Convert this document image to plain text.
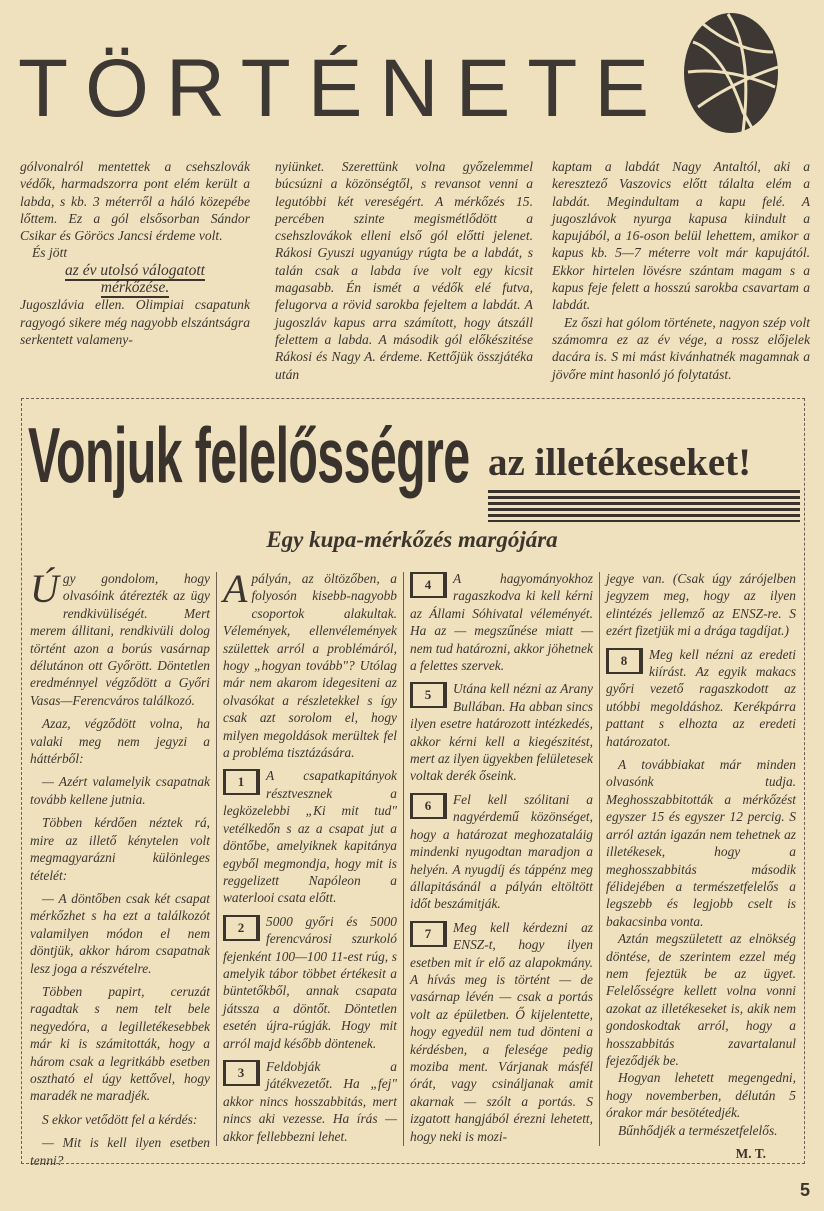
TÖRTÉNETE

gólvonalról mentettek a csehszlovák védők, harmadszorra pont elém került a labda, s kb. 3 méterről a háló közepébe lőttem. Ez a gól elsősorban Sándor Csikar és Göröcs Jancsi érdeme volt.

És jött

az év utolsó válogatott

mérkőzése.

Jugoszlávia ellen. Olimpiai csapatunk ragyogó sikere még nagyobb elszántságra serkentett valameny-

nyiünket. Szerettünk volna győzelemmel búcsúzni a közönségtől, s revansot venni a legutóbbi két vereségért. A mérkőzés 15. percében szinte megismétlődött a csehszlovákok elleni első gól előtti jelenet. Rákosi Gyuszi ugyanúgy rúgta be a labdát, s talán csak a labda íve volt egy kicsit magasabb. Én ismét a védők elé futva, felugorva a rövid sarokba fejeltem a labdát. A jugoszláv kapus arra számított, hogy átszáll felettem a labda. A második gól előkészitése Rákosi és Nagy A. érdeme. Kettőjük összjátéka után

kaptam a labdát Nagy Antaltól, aki a keresztező Vaszovics előtt tálalta elém a labdát. Megindultam a kapu felé. A jugoszlávok nyurga kapusa kiindult a kapujából, a 16-oson belül lehettem, amikor a kapus kb. 5—7 méterre volt már kapujától. Ekkor hirtelen lövésre szántam magam s a kapus feje felett a hosszú sarokba csavartam a labdát.

Ez őszi hat gólom története, nagyon szép volt számomra ez az év vége, a rossz előjelek dacára is. S mi mást kivánhatnék magamnak a jövőre mint hasonló jó folytatást.

Vonjuk felelősségre az illetékeseket!
Egy kupa-mérkőzés margójára

Úgy gondolom, hogy olvasóink átérezték az ügy rendkivüliségét. Mert merem állitani, rendkivüli dolog történt azon a borús vasárnap délutánon ott Győrött. Döntetlen eredménnyel végződött a Győri Vasas—Ferencváros találkozó.

Azaz, végződött volna, ha valaki meg nem jegyzi a háttérből:

— Azért valamelyik csapatnak tovább kellene jutnia.

Többen kérdően néztek rá, mire az illető kénytelen volt megmagyarázni különleges tételét:

— A döntőben csak két csapat mérkőzhet s ha ezt a találkozót valamilyen módon el nem döntjük, akkor három csapatnak lesz joga a részvételre.

Többen papirt, ceruzát ragadtak s nem telt bele negyedóra, a legilletékesebbek már ki is számitották, hogy a három csak a legritkább esetben osztható el úgy kettővel, hogy maradék ne maradjék.

S ekkor vetődött fel a kérdés:

— Mit is kell ilyen esetben tenni?

Apályán, az öltözőben, a folyosón kisebb-nagyobb csoportok alakultak. Vélemények, ellenvélemények születtek arról a problémáról, hogy „hogyan tovább"? Utólag már nem akarom idegesiteni az olvasókat a részletekkel s így csak azt sorolom el, hogy milyen megoldások merültek fel a probléma tisztázására.

1	A csapatkapitányok résztvesznek a legközelebbi „Ki mit tud" vetélkedőn s az a csapat jut a döntőbe, amelyiknek kapitánya egyből megmondja, hogy mit is reggelizett Napóleon a waterlooi csata előtt.

2	5000 győri és 5000 ferencvárosi szurkoló fejenként 100—100 11-est rúg, s amelyik tábor többet értékesit a büntetőkből, annak csapata játssza a döntőt. Döntetlen esetén újra-rúgják. Hogy mit arról majd később döntenek.

3	Feldobják a játékvezetőt. Ha „fej" akkor nincs hosszabbitás, mert nincs aki vezesse. Ha írás — akkor fellebbezni lehet.

4	A hagyományokhoz ragaszkodva ki kell kérni az Állami Sóhivatal véleményét. Ha az — megszűnése miatt — nem tud határozni, akkor jöhetnek a felettes szervek.

5	Utána kell nézni az Arany Bullában. Ha abban sincs ilyen esetre határozott intézkedés, akkor kérni kell a kiegészitést, mert az ilyen ügyekben felületesek voltak derék őseink.

6	Fel kell szólitani a nagyérdemű közönséget, hogy a határozat meghozataláig mindenki nyugodtan maradjon a helyén. A nyugdíj és táppénz meg állapitásánál a pályán eltöltött időt beszámitják.

7	Meg kell kérdezni az ENSZ-t, hogy ilyen esetben mit ír elő az alapokmány. A hívás meg is történt — de vasárnap lévén — csak a portás volt az épületben. Ő kijelentette, hogy egyedül nem tud dönteni a kérdésben, a felesége pedig moziba ment. Várjanak másfél órát, vagy csináljanak amit akarnak — szólt a portás. S izgatott hangjából érezni lehetett, hogy neki is mozi-

jegye van. (Csak úgy zárójelben jegyzem meg, hogy az ilyen elintézés jellemző az ENSZ-re. S ezért fizetjük mi a drága tagdíjat.)

8	Meg kell nézni az eredeti kiírást. Az egyik makacs győri vezető ragaszkodott az utóbbi megoldáshoz. Kerékpárra pattant s elhozta az eredeti határozatot.

A továbbiakat már minden olvasónk tudja. Meghosszabbitották a mérkőzést egyszer 15 és egyszer 12 percig. S arról aztán igazán nem tehetnek az illetékesek, hogy a meghosszabbitás második félidejében a természetfelelős a legszebb és legjobb cselt is bakacsinba vonta.

Aztán megszületett az elnökség döntése, de szerintem ezzel még nem fejeztük be az ügyet. Felelősségre kellett volna vonni azokat az illetékeseket is, akik nem gondoskodtak arról, hogy a hosszabbitás zavartalanul fejeződjék be.

Hogyan lehetett megengedni, hogy novemberben, délután 5 órakor már besötétedjék.

Bűnhődjék a természetfelelős.

M. T.
5
